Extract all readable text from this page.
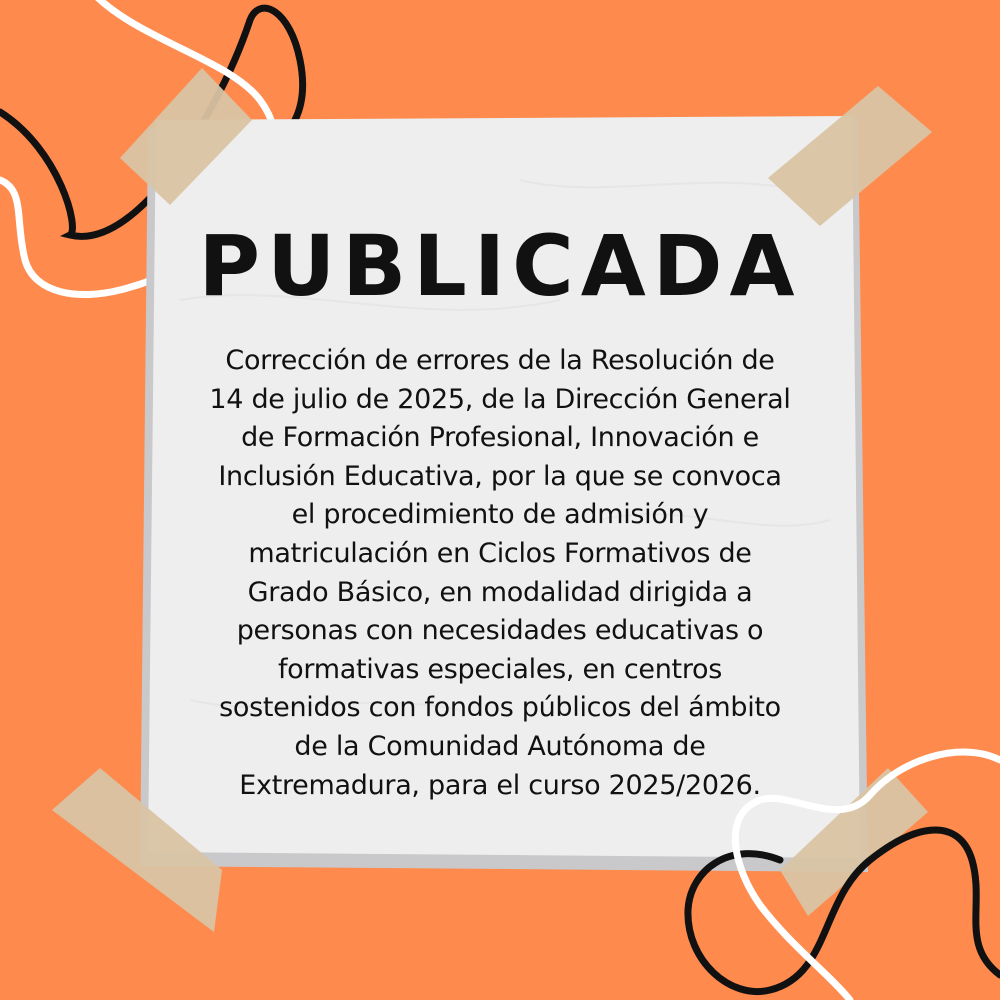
PUBLICADA

Corrección de errores de la Resolución de
14 de julio de 2025, de la Dirección General
de Formación Profesional, Innovación e
Inclusión Educativa, por la que se convoca
el procedimiento de admisión y
matriculación en Ciclos Formativos de
Grado Básico, en modalidad dirigida a
personas con necesidades educativas o
formativas especiales, en centros
sostenidos con fondos públicos del ámbito
de la Comunidad Autónoma de
Extremadura, para el curso 2025/2026.
